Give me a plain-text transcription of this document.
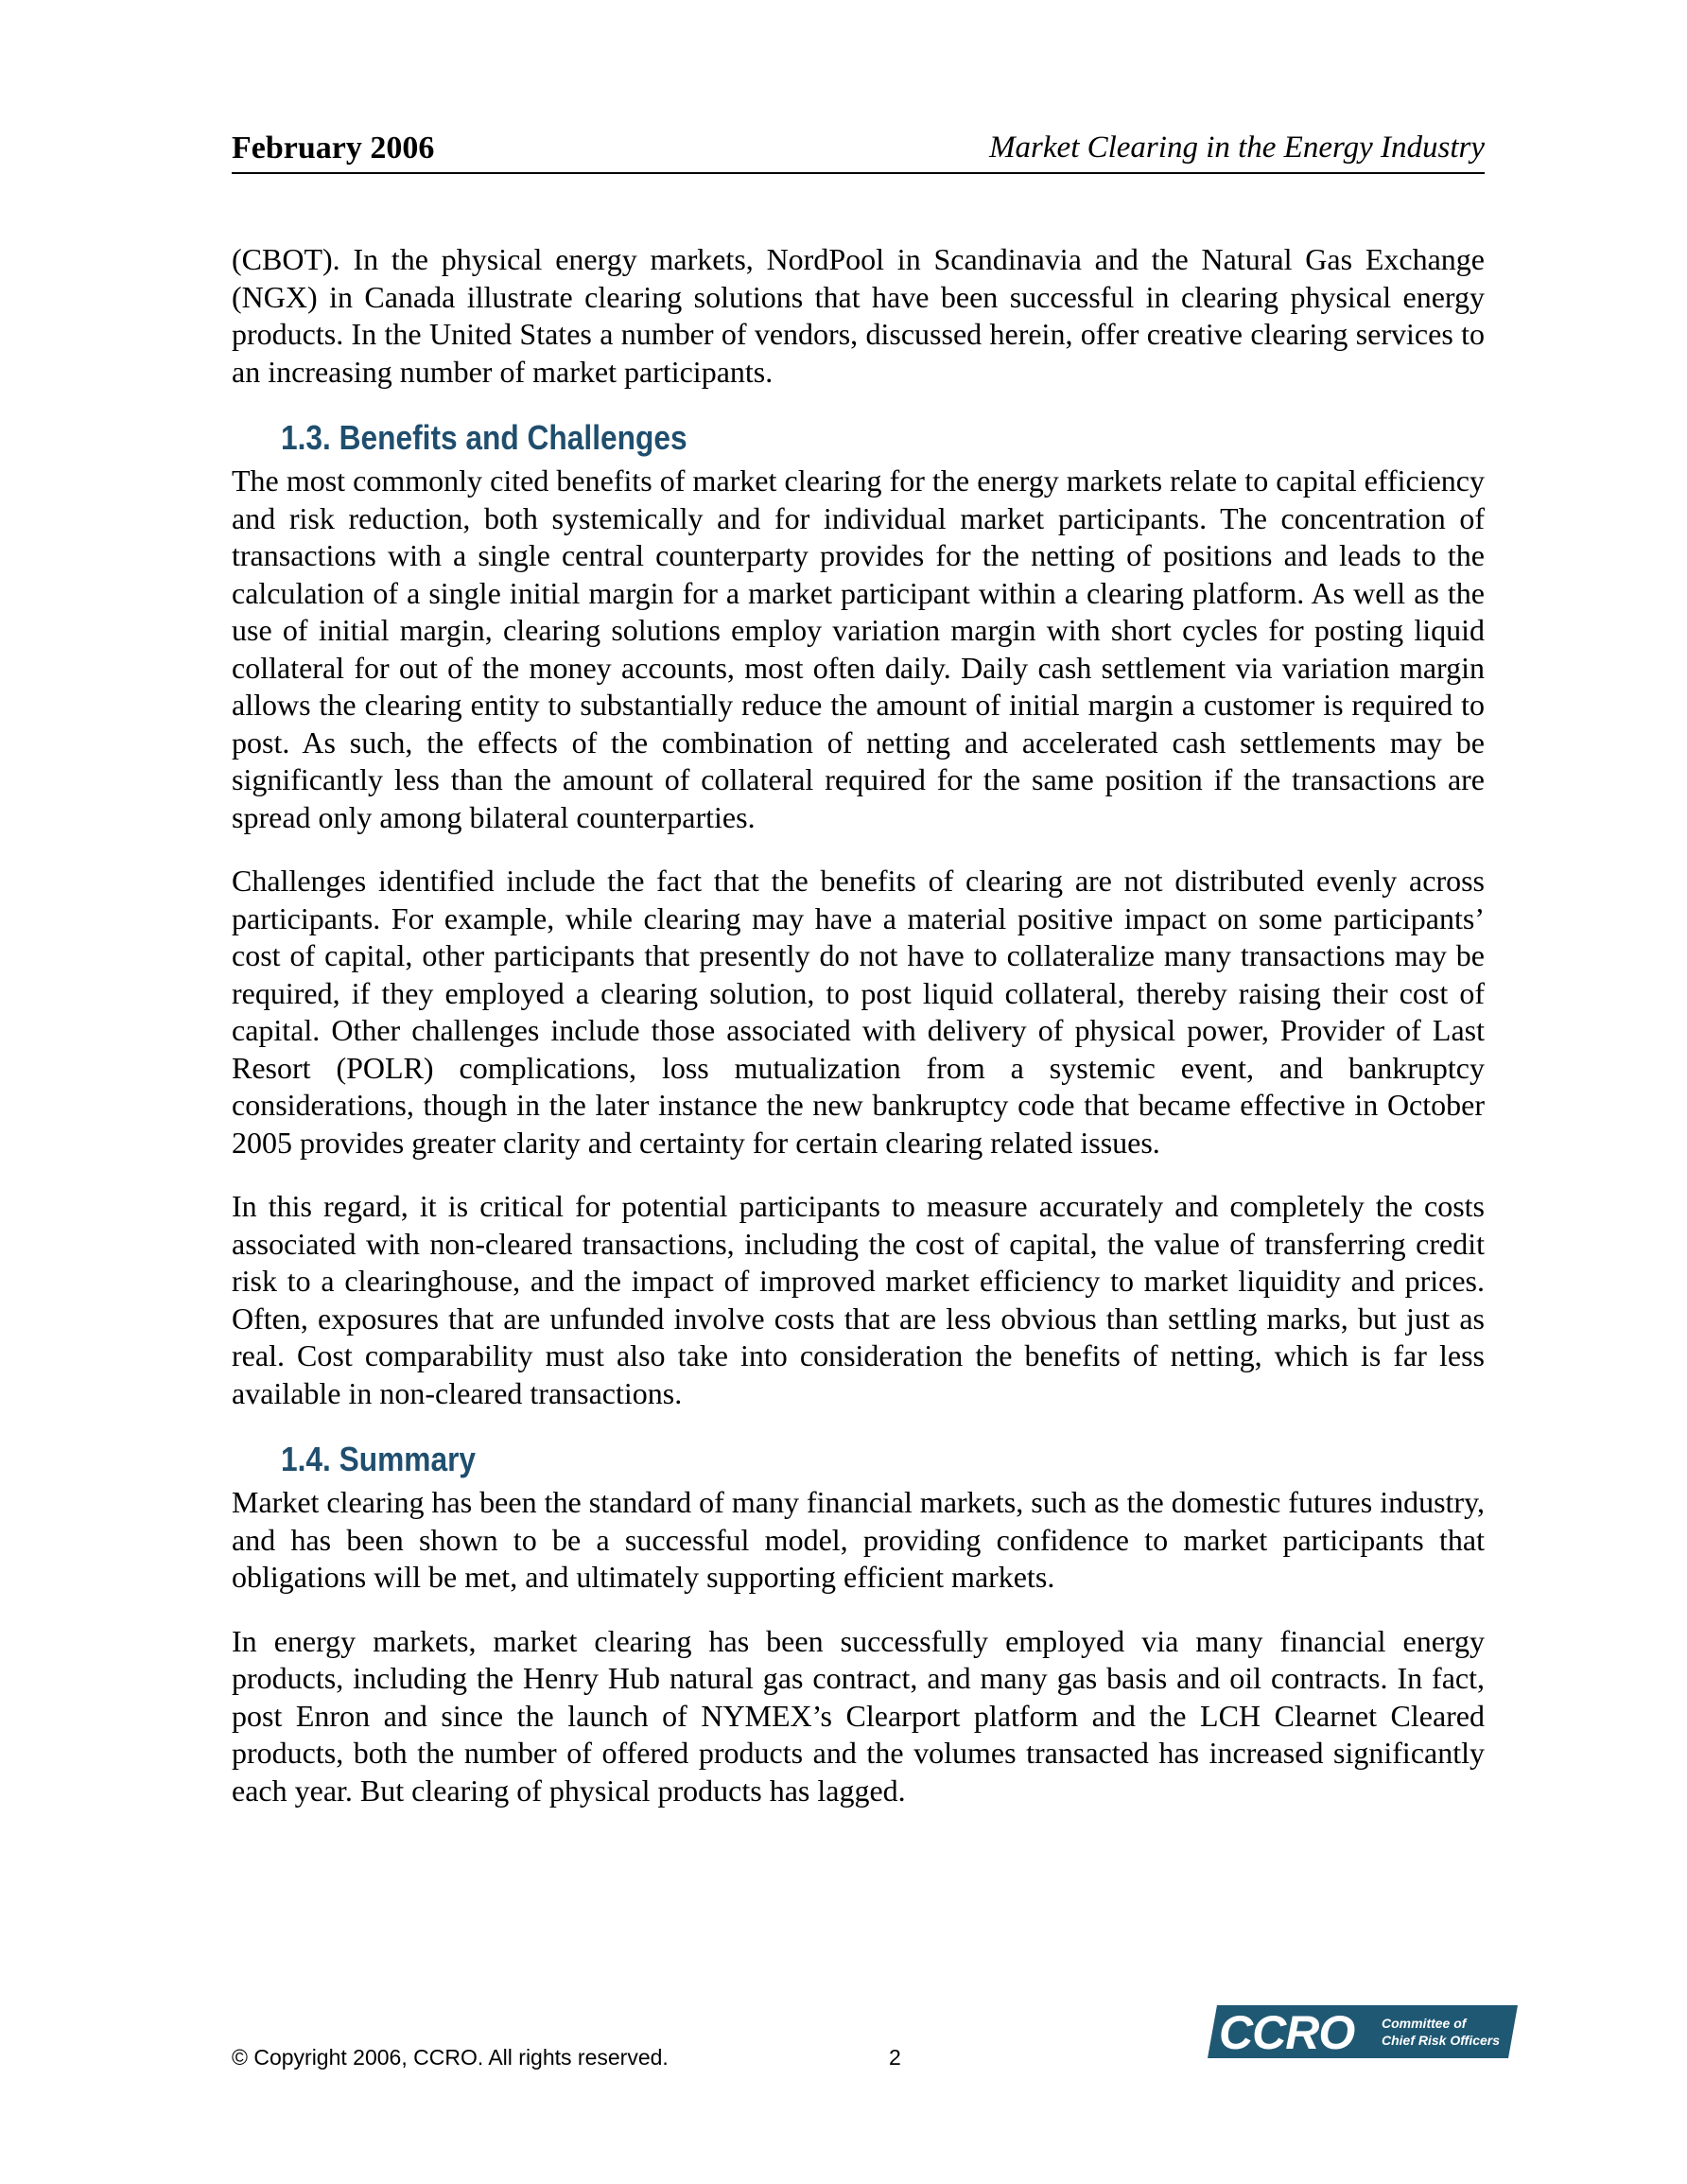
February 2006	Market Clearing in the Energy Industry

(CBOT). In the physical energy markets, NordPool in Scandinavia and the Natural Gas Exchange (NGX) in Canada illustrate clearing solutions that have been successful in clearing physical energy products. In the United States a number of vendors, discussed herein, offer creative clearing services to an increasing number of market participants.

1.3. Benefits and Challenges

The most commonly cited benefits of market clearing for the energy markets relate to capital efficiency and risk reduction, both systemically and for individual market participants. The concentration of transactions with a single central counterparty provides for the netting of positions and leads to the calculation of a single initial margin for a market participant within a clearing platform. As well as the use of initial margin, clearing solutions employ variation margin with short cycles for posting liquid collateral for out of the money accounts, most often daily. Daily cash settlement via variation margin allows the clearing entity to substantially reduce the amount of initial margin a customer is required to post. As such, the effects of the combination of netting and accelerated cash settlements may be significantly less than the amount of collateral required for the same position if the transactions are spread only among bilateral counterparties.

Challenges identified include the fact that the benefits of clearing are not distributed evenly across participants. For example, while clearing may have a material positive impact on some participants’ cost of capital, other participants that presently do not have to collateralize many transactions may be required, if they employed a clearing solution, to post liquid collateral, thereby raising their cost of capital. Other challenges include those associated with delivery of physical power, Provider of Last Resort (POLR) complications, loss mutualization from a systemic event, and bankruptcy considerations, though in the later instance the new bankruptcy code that became effective in October 2005 provides greater clarity and certainty for certain clearing related issues.

In this regard, it is critical for potential participants to measure accurately and completely the costs associated with non-cleared transactions, including the cost of capital, the value of transferring credit risk to a clearinghouse, and the impact of improved market efficiency to market liquidity and prices. Often, exposures that are unfunded involve costs that are less obvious than settling marks, but just as real. Cost comparability must also take into consideration the benefits of netting, which is far less available in non-cleared transactions.

1.4. Summary

Market clearing has been the standard of many financial markets, such as the domestic futures industry, and has been shown to be a successful model, providing confidence to market participants that obligations will be met, and ultimately supporting efficient markets.

In energy markets, market clearing has been successfully employed via many financial energy products, including the Henry Hub natural gas contract, and many gas basis and oil contracts. In fact, post Enron and since the launch of NYMEX’s Clearport platform and the LCH Clearnet Cleared products, both the number of offered products and the volumes transacted has increased significantly each year. But clearing of physical products has lagged.

© Copyright 2006, CCRO. All rights reserved.	2	CCRO Committee of
Chief Risk Officers
